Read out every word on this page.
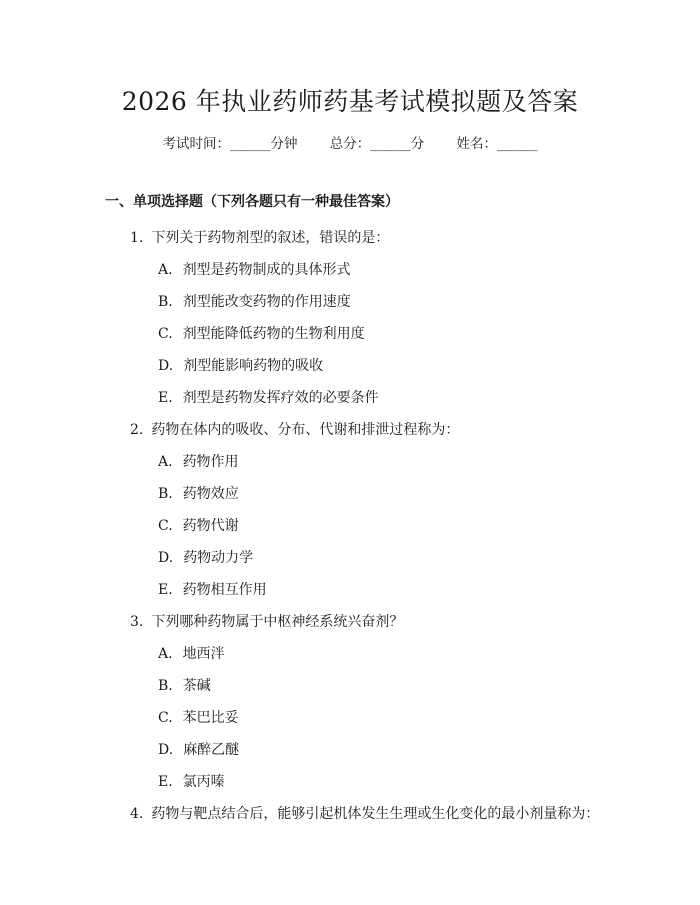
2026 年执业药师药基考试模拟题及答案
考试时间：______分钟 总分：______分 姓名：______
一、单项选择题（下列各题只有一种最佳答案）
1. 下列关于药物剂型的叙述，错误的是：
A. 剂型是药物制成的具体形式
B. 剂型能改变药物的作用速度
C. 剂型能降低药物的生物利用度
D. 剂型能影响药物的吸收
E. 剂型是药物发挥疗效的必要条件
2. 药物在体内的吸收、分布、代谢和排泄过程称为：
A. 药物作用
B. 药物效应
C. 药物代谢
D. 药物动力学
E. 药物相互作用
3. 下列哪种药物属于中枢神经系统兴奋剂？
A. 地西泮
B. 茶碱
C. 苯巴比妥
D. 麻醉乙醚
E. 氯丙嗪
4. 药物与靶点结合后，能够引起机体发生生理或生化变化的最小剂量称为：
